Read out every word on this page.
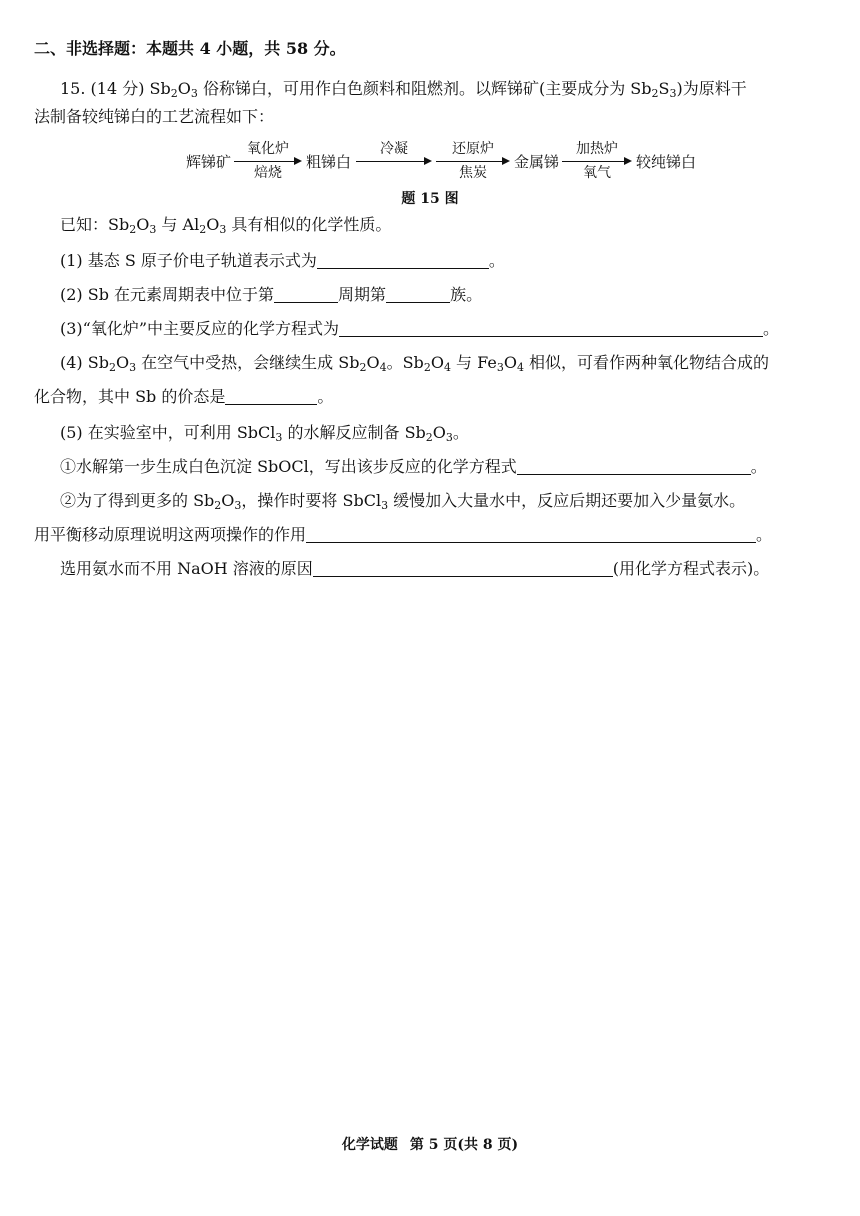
二、非选择题：本题共 4 小题，共 58 分。
15. (14 分) $Sb_2O_3$ 俗称锑白，可用作白色颜料和阻燃剂。以辉锑矿(主要成分为 $Sb_2S_3$)为原料干
法制备较纯锑白的工艺流程如下：
辉锑矿
氧化炉
焙烧
粗锑白
冷凝	还原炉
焦炭
金属锑
加热炉
氧气
较纯锑白
题 15 图
已知：$Sb_2O_3$ 与 $Al_2O_3$ 具有相似的化学性质。
(1) 基态 S 原子价电子轨道表示式为	。
(2) Sb 在元素周期表中位于第	周期第	族。
(3)“氧化炉”中主要反应的化学方程式为	。
(4) $Sb_2O_3$ 在空气中受热，会继续生成 $Sb_2O_4$。$Sb_2O_4$ 与 $Fe_3O_4$ 相似，可看作两种氧化物结合成的
化合物，其中 Sb 的价态是	。
(5) 在实验室中，可利用 SbCl$_3$ 的水解反应制备 $Sb_2O_3$。
①水解第一步生成白色沉淀 SbOCl，写出该步反应的化学方程式	。
②为了得到更多的 $Sb_2O_3$，操作时要将 SbCl$_3$ 缓慢加入大量水中，反应后期还要加入少量氨水。
用平衡移动原理说明这两项操作的作用	。
选用氨水而不用 NaOH 溶液的原因	(用化学方程式表示)。
化学试题 第 5 页(共 8 页)
